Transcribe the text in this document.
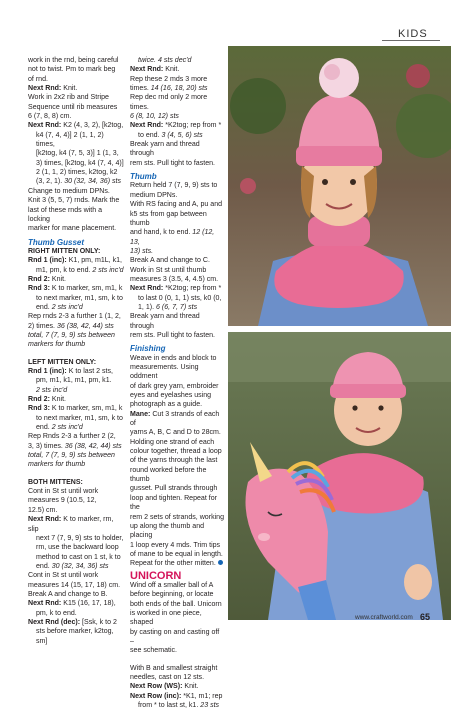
KIDS

work in the rnd, being careful

not to twist. Pm to mark beg

of rnd.

Next Rnd: Knit.

Work in 2x2 rib and Stripe

Sequence until rib measures

6 (7, 8, 8) cm.

Next Rnd: K2 (4, 3, 2), [k2tog,

k4 (7, 4, 4)] 2 (1, 1, 2) times,

[k2tog, k4 (7, 5, 3)] 1 (1, 3,

3) times, [k2tog, k4 (7, 4, 4)]

2 (1, 1, 2) times, k2tog, k2

(3, 2, 1). 30 (32, 34, 36) sts

Change to medium DPNs.

Knit 3 (5, 5, 7) rnds. Mark the

last of these rnds with a locking

marker for mane placement.

Thumb Gusset

RIGHT MITTEN ONLY:

Rnd 1 (inc): K1, pm, m1L, k1,

m1, pm, k to end. 2 sts inc'd

Rnd 2: Knit.

Rnd 3: K to marker, sm, m1, k

to next marker, m1, sm, k to

end. 2 sts inc'd

Rep rnds 2-3 a further 1 (1, 2,

2) times. 36 (38, 42, 44) sts

total, 7 (7, 9, 9) sts between

markers for thumb

LEFT MITTEN ONLY:

Rnd 1 (inc): K to last 2 sts,

pm, m1, k1, m1, pm, k1.

2 sts inc'd

Rnd 2: Knit.

Rnd 3: K to marker, sm, m1, k

to next marker, m1, sm, k to

end. 2 sts inc'd

Rep Rnds 2-3 a further 2 (2,

3, 3) times. 36 (38, 42, 44) sts

total, 7 (7, 9, 9) sts between

markers for thumb

BOTH MITTENS:

Cont in St st until work

measures 9 (10.5, 12,

12.5) cm.

Next Rnd: K to marker, rm, slip

next 7 (7, 9, 9) sts to holder,

rm, use the backward loop

method to cast on 1 st, k to

end. 30 (32, 34, 36) sts

Cont in St st until work

measures 14 (15, 17, 18) cm.

Break A and change to B.

Next Rnd: K15 (16, 17, 18),

pm, k to end.

Next Rnd (dec): [Ssk, k to 2

sts before marker, k2tog, sm]

twice. 4 sts dec'd

Next Rnd: Knit.

Rep these 2 mds 3 more

times. 14 (16, 18, 20) sts

Rep dec rnd only 2 more times.

6 (8, 10, 12) sts

Next Rnd: *K2tog; rep from *

to end. 3 (4, 5, 6) sts

Break yarn and thread through

rem sts. Pull tight to fasten.

Thumb

Return held 7 (7, 9, 9) sts to

medium DPNs.

With RS facing and A, pu and

k5 sts from gap between thumb

and hand, k to end. 12 (12, 13,

13) sts.

Break A and change to C.

Work in St st until thumb

measures 3 (3.5, 4, 4.5) cm.

Next Rnd: *K2tog; rep from *

to last 0 (0, 1, 1) sts, k0 (0,

1, 1). 6 (6, 7, 7) sts

Break yarn and thread through

rem sts. Pull tight to fasten.

Finishing

Weave in ends and block to

measurements. Using oddment

of dark grey yarn, embroider

eyes and eyelashes using

photograph as a guide.

Mane: Cut 3 strands of each of

yarns A, B, C and D to 28cm.

Holding one strand of each

colour together, thread a loop

of the yarns through the last

round worked before the thumb

gusset. Pull strands through

loop and tighten. Repeat for the

rem 2 sets of strands, working

up along the thumb and placing

1 loop every 4 mds. Trim tips

of mane to be equal in length.

Repeat for the other mitten.

UNICORN

Wind off a smaller ball of A

before beginning, or locate

both ends of the ball. Unicorn

is worked in one piece, shaped

by casting on and casting off –

see schematic.

With B and smallest straight

needles, cast on 12 sts.

Next Row (WS): Knit.

Next Row (inc): *K1, m1; rep

from * to last st, k1. 23 sts

www.craftworld.com 65
